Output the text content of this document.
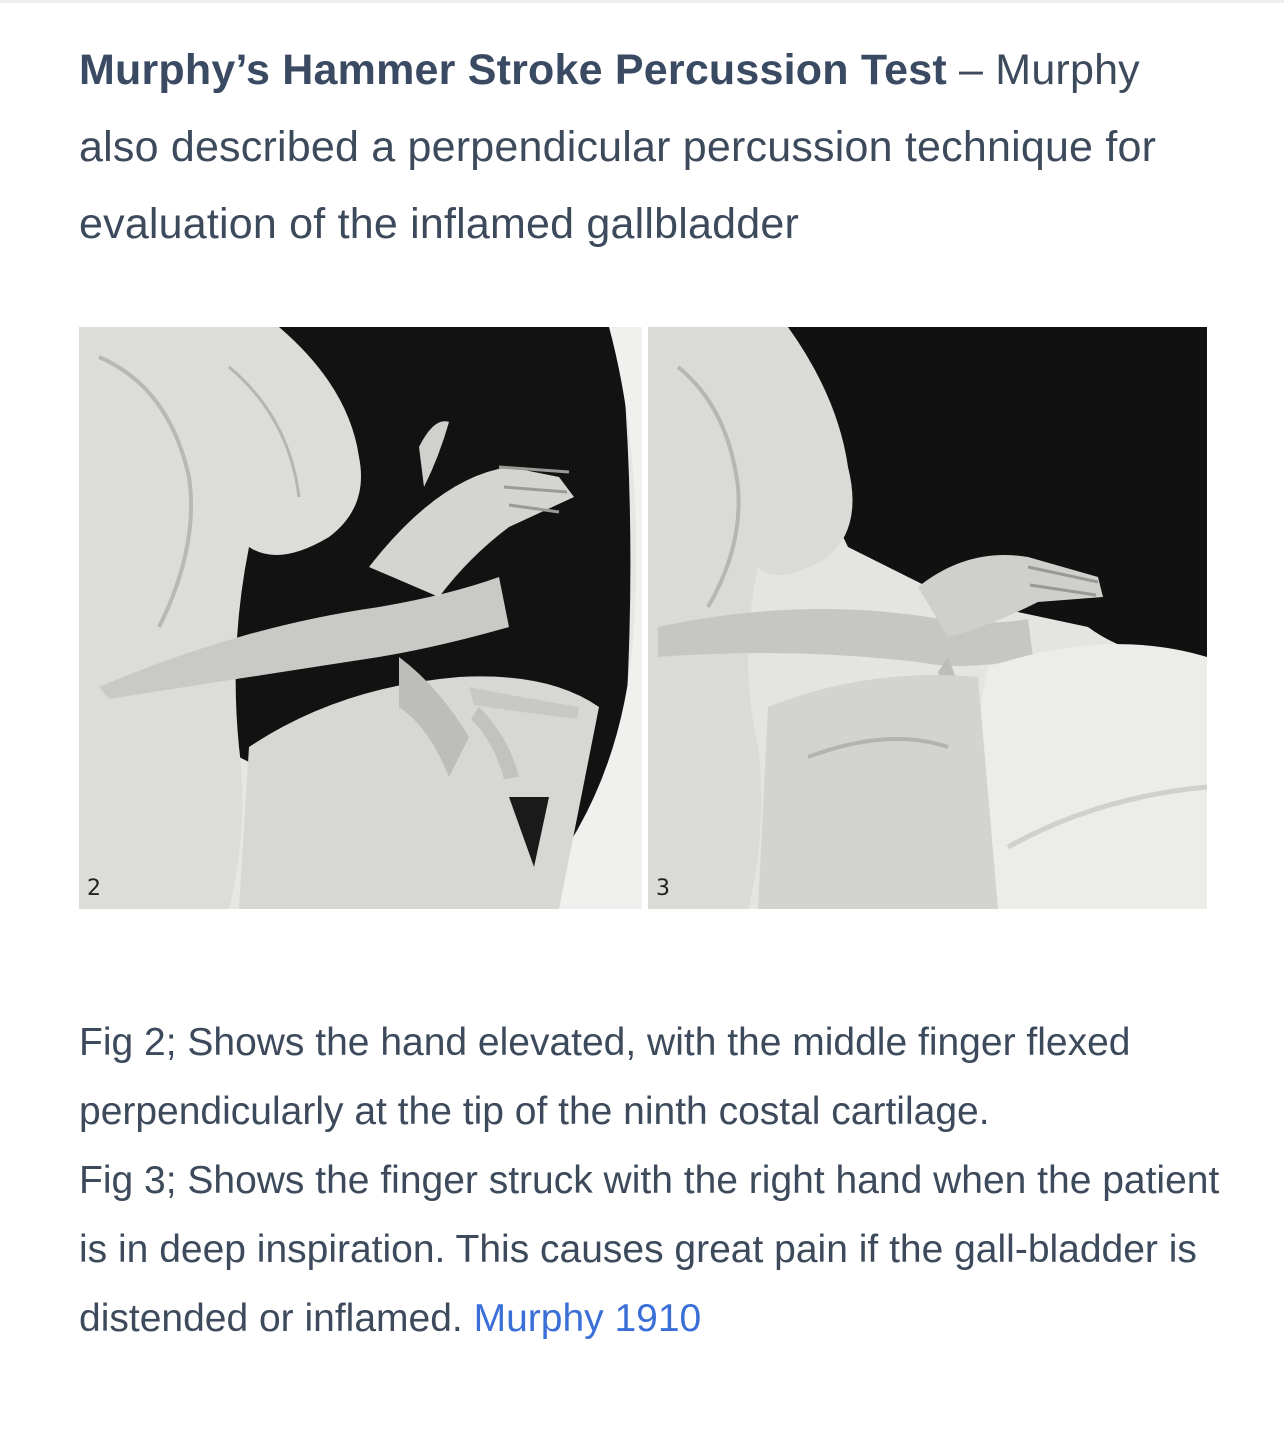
Murphy’s Hammer Stroke Percussion Test – Murphy also described a perpendicular percussion technique for evaluation of the inflamed gallbladder
2	3

Fig 2; Shows the hand elevated, with the middle finger flexed perpendicularly at the tip of the ninth costal cartilage.

Fig 3; Shows the finger struck with the right hand when the patient is in deep inspiration. This causes great pain if the gall-bladder is distended or inflamed. Murphy 1910
